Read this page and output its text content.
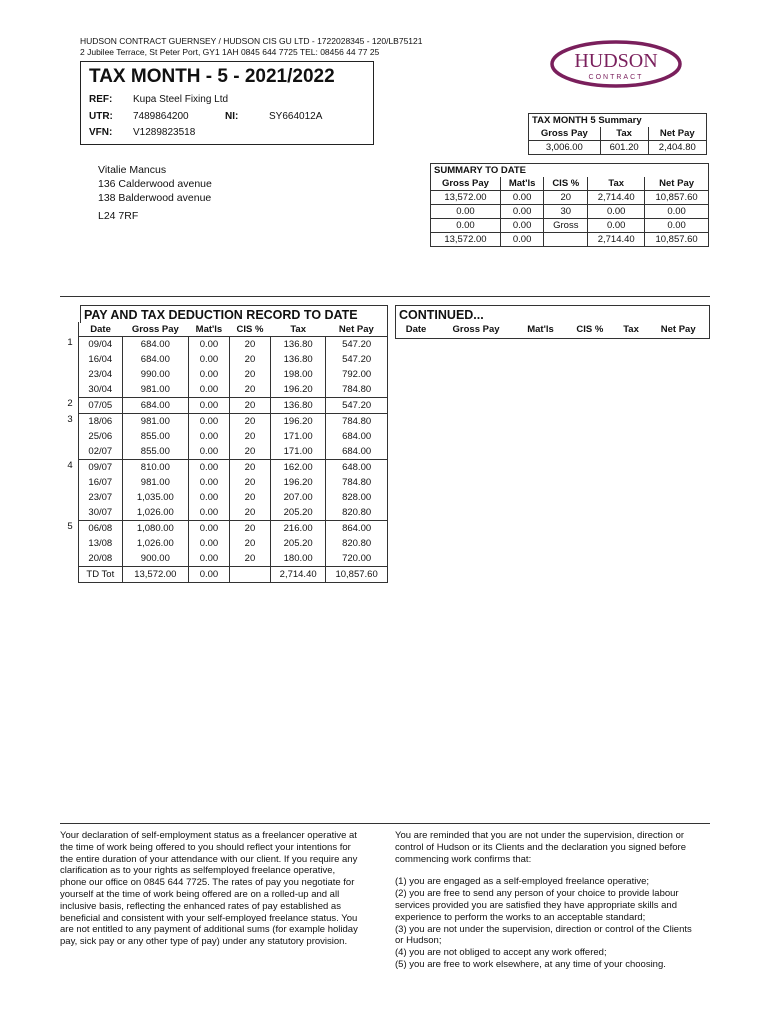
HUDSON CONTRACT GUERNSEY / HUDSON CIS GU LTD - 1722028345 - 120/LB75121
2 Jubilee Terrace, St Peter Port, GY1 1AH 0845 644 7725 TEL: 08456 44 77 25	HUDSON
CONTRACT
TAX MONTH - 5 - 2021/2022
REF: Kupa Steel Fixing Ltd
UTR: 7489864200	NI:	SY664012A
VFN: V1289823518
Vitalie Mancus
136 Calderwood avenue
138 Balderwood avenue
L24 7RF
TAX MONTH 5 Summary		
Gross Pay	Tax	Net Pay
3,006.00	601.20	2,404.80
SUMMARY TO DATE				
Gross Pay	Mat'ls	CIS %	Tax	Net Pay
13,572.00	0.00	20	2,714.40	10,857.60
0.00	0.00	30	0.00	0.00
0.00	0.00	Gross	0.00	0.00
13,572.00	0.00		2,714.40	10,857.60
PAY AND TAX DEDUCTION RECORD TO DATE
	Date	Gross Pay	Mat'ls	CIS %	Tax	Net Pay
1	09/04	684.00	0.00	20	136.80	547.20
	16/04	684.00	0.00	20	136.80	547.20
	23/04	990.00	0.00	20	198.00	792.00
	30/04	981.00	0.00	20	196.20	784.80
2	07/05	684.00	0.00	20	136.80	547.20
3	18/06	981.00	0.00	20	196.20	784.80
	25/06	855.00	0.00	20	171.00	684.00
	02/07	855.00	0.00	20	171.00	684.00
4	09/07	810.00	0.00	20	162.00	648.00
	16/07	981.00	0.00	20	196.20	784.80
	23/07	1,035.00	0.00	20	207.00	828.00
	30/07	1,026.00	0.00	20	205.20	820.80
5	06/08	1,080.00	0.00	20	216.00	864.00
	13/08	1,026.00	0.00	20	205.20	820.80
	20/08	900.00	0.00	20	180.00	720.00
	TD Tot	13,572.00	0.00		2,714.40	10,857.60
CONTINUED...
Date	Gross Pay	Mat'ls	CIS %	Tax	Net Pay
Your declaration of self-employment status as a freelancer operative at the time of work being offered to you should reflect your intentions for the entire duration of your attendance with our client. If you require any clarification as to your rights as selfemployed freelance operative, phone our office on 0845 644 7725. The rates of pay you negotiate for yourself at the time of work being offered are on a rolled-up and all inclusive basis, reflecting the enhanced rates of pay established as beneficial and consistent with your self-employed freelance status. You are not entitled to any payment of additional sums (for example holiday pay, sick pay or any other type of pay) under any statutory provision.
You are reminded that you are not under the supervision, direction or control of Hudson or its Clients and the declaration you signed before commencing work confirms that:
(1) you are engaged as a self-employed freelance operative;
(2) you are free to send any person of your choice to provide labour services provided you are satisfied they have appropriate skills and experience to perform the works to an acceptable standard;
(3) you are not under the supervision, direction or control of the Clients or Hudson;
(4) you are not obliged to accept any work offered;
(5) you are free to work elsewhere, at any time of your choosing.
